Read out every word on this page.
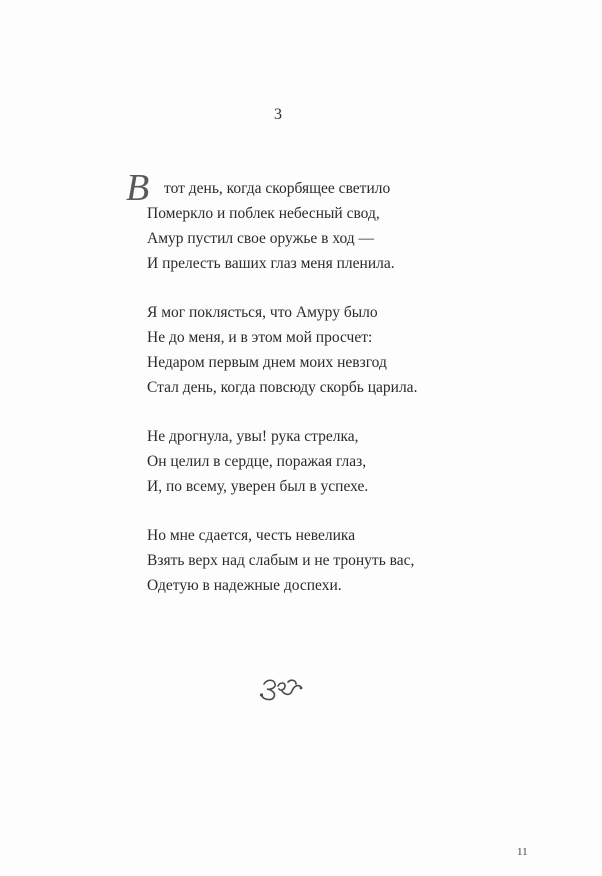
3
В тот день, когда скорбящее светило
Померкло и поблек небесный свод,
Амур пустил свое оружье в ход —
И прелесть ваших глаз меня пленила.
Я мог поклясться, что Амуру было
Не до меня, и в этом мой просчет:
Недаром первым днем моих невзгод
Стал день, когда повсюду скорбь царила.
Не дрогнула, увы! рука стрелка,
Он целил в сердце, поражая глаз,
И, по всему, уверен был в успехе.
Но мне сдается, честь невелика
Взять верх над слабым и не тронуть вас,
Одетую в надежные доспехи.
11
